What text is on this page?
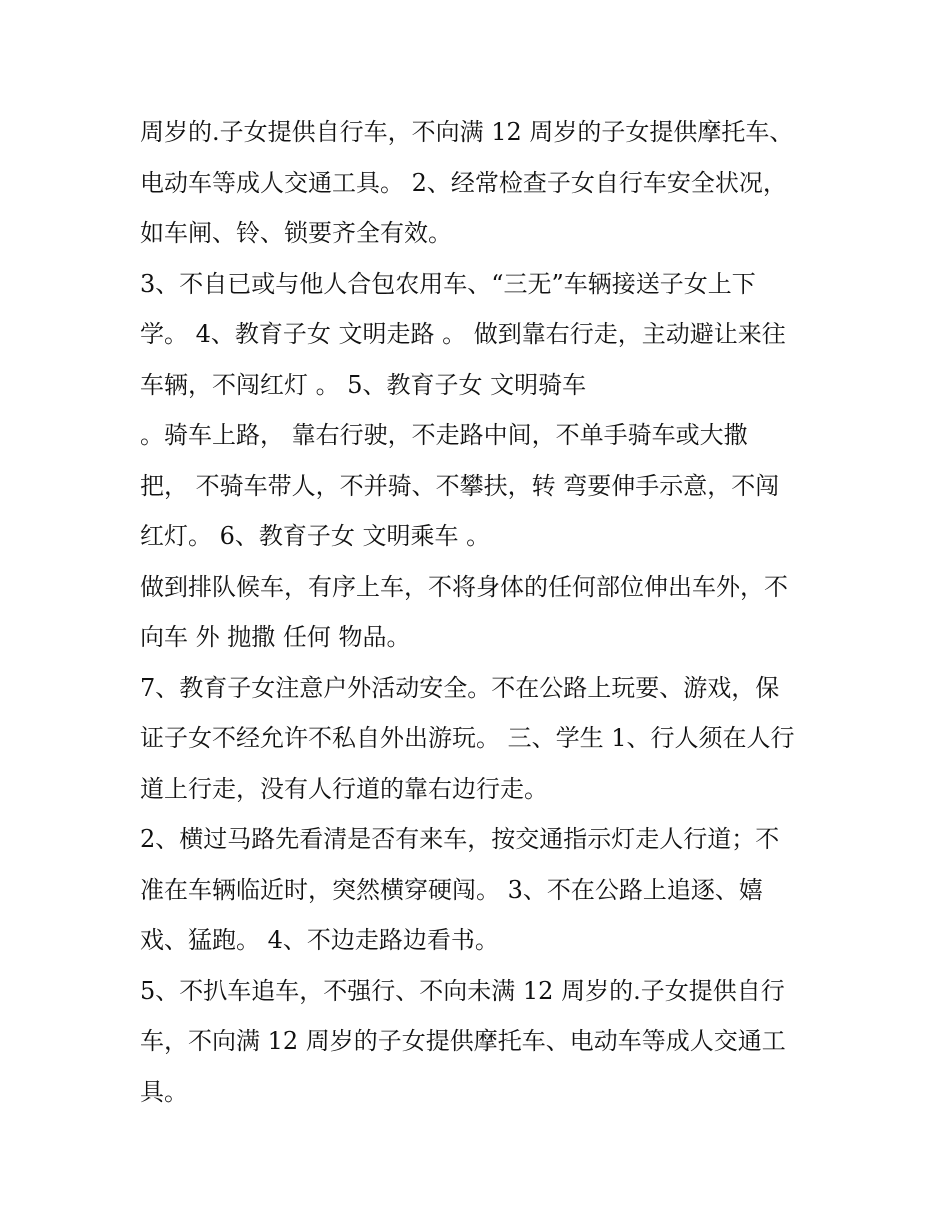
周岁的.子女提供自行车，不向满 12 周岁的子女提供摩托车、
电动车等成人交通工具。 2、经常检查子女自行车安全状况，
如车闸、铃、锁要齐全有效。
3、不自已或与他人合包农用车、“三无”车辆接送子女上下
学。 4、教育子女 文明走路 。 做到靠右行走，主动避让来往
车辆，不闯红灯 。 5、教育子女 文明骑车
。骑车上路， 靠右行驶，不走路中间，不单手骑车或大撒
把， 不骑车带人，不并骑、不攀扶，转 弯要伸手示意，不闯
红灯。 6、教育子女 文明乘车 。
做到排队候车，有序上车，不将身体的任何部位伸出车外，不
向车 外 抛撒 任何 物品。
7、教育子女注意户外活动安全。不在公路上玩要、游戏，保
证子女不经允许不私自外出游玩。 三、学生 1、行人须在人行
道上行走，没有人行道的靠右边行走。
2、横过马路先看清是否有来车，按交通指示灯走人行道；不
准在车辆临近时，突然横穿硬闯。 3、不在公路上追逐、嬉
戏、猛跑。 4、不边走路边看书。
5、不扒车追车，不强行、不向未满 12 周岁的.子女提供自行
车，不向满 12 周岁的子女提供摩托车、电动车等成人交通工
具。
